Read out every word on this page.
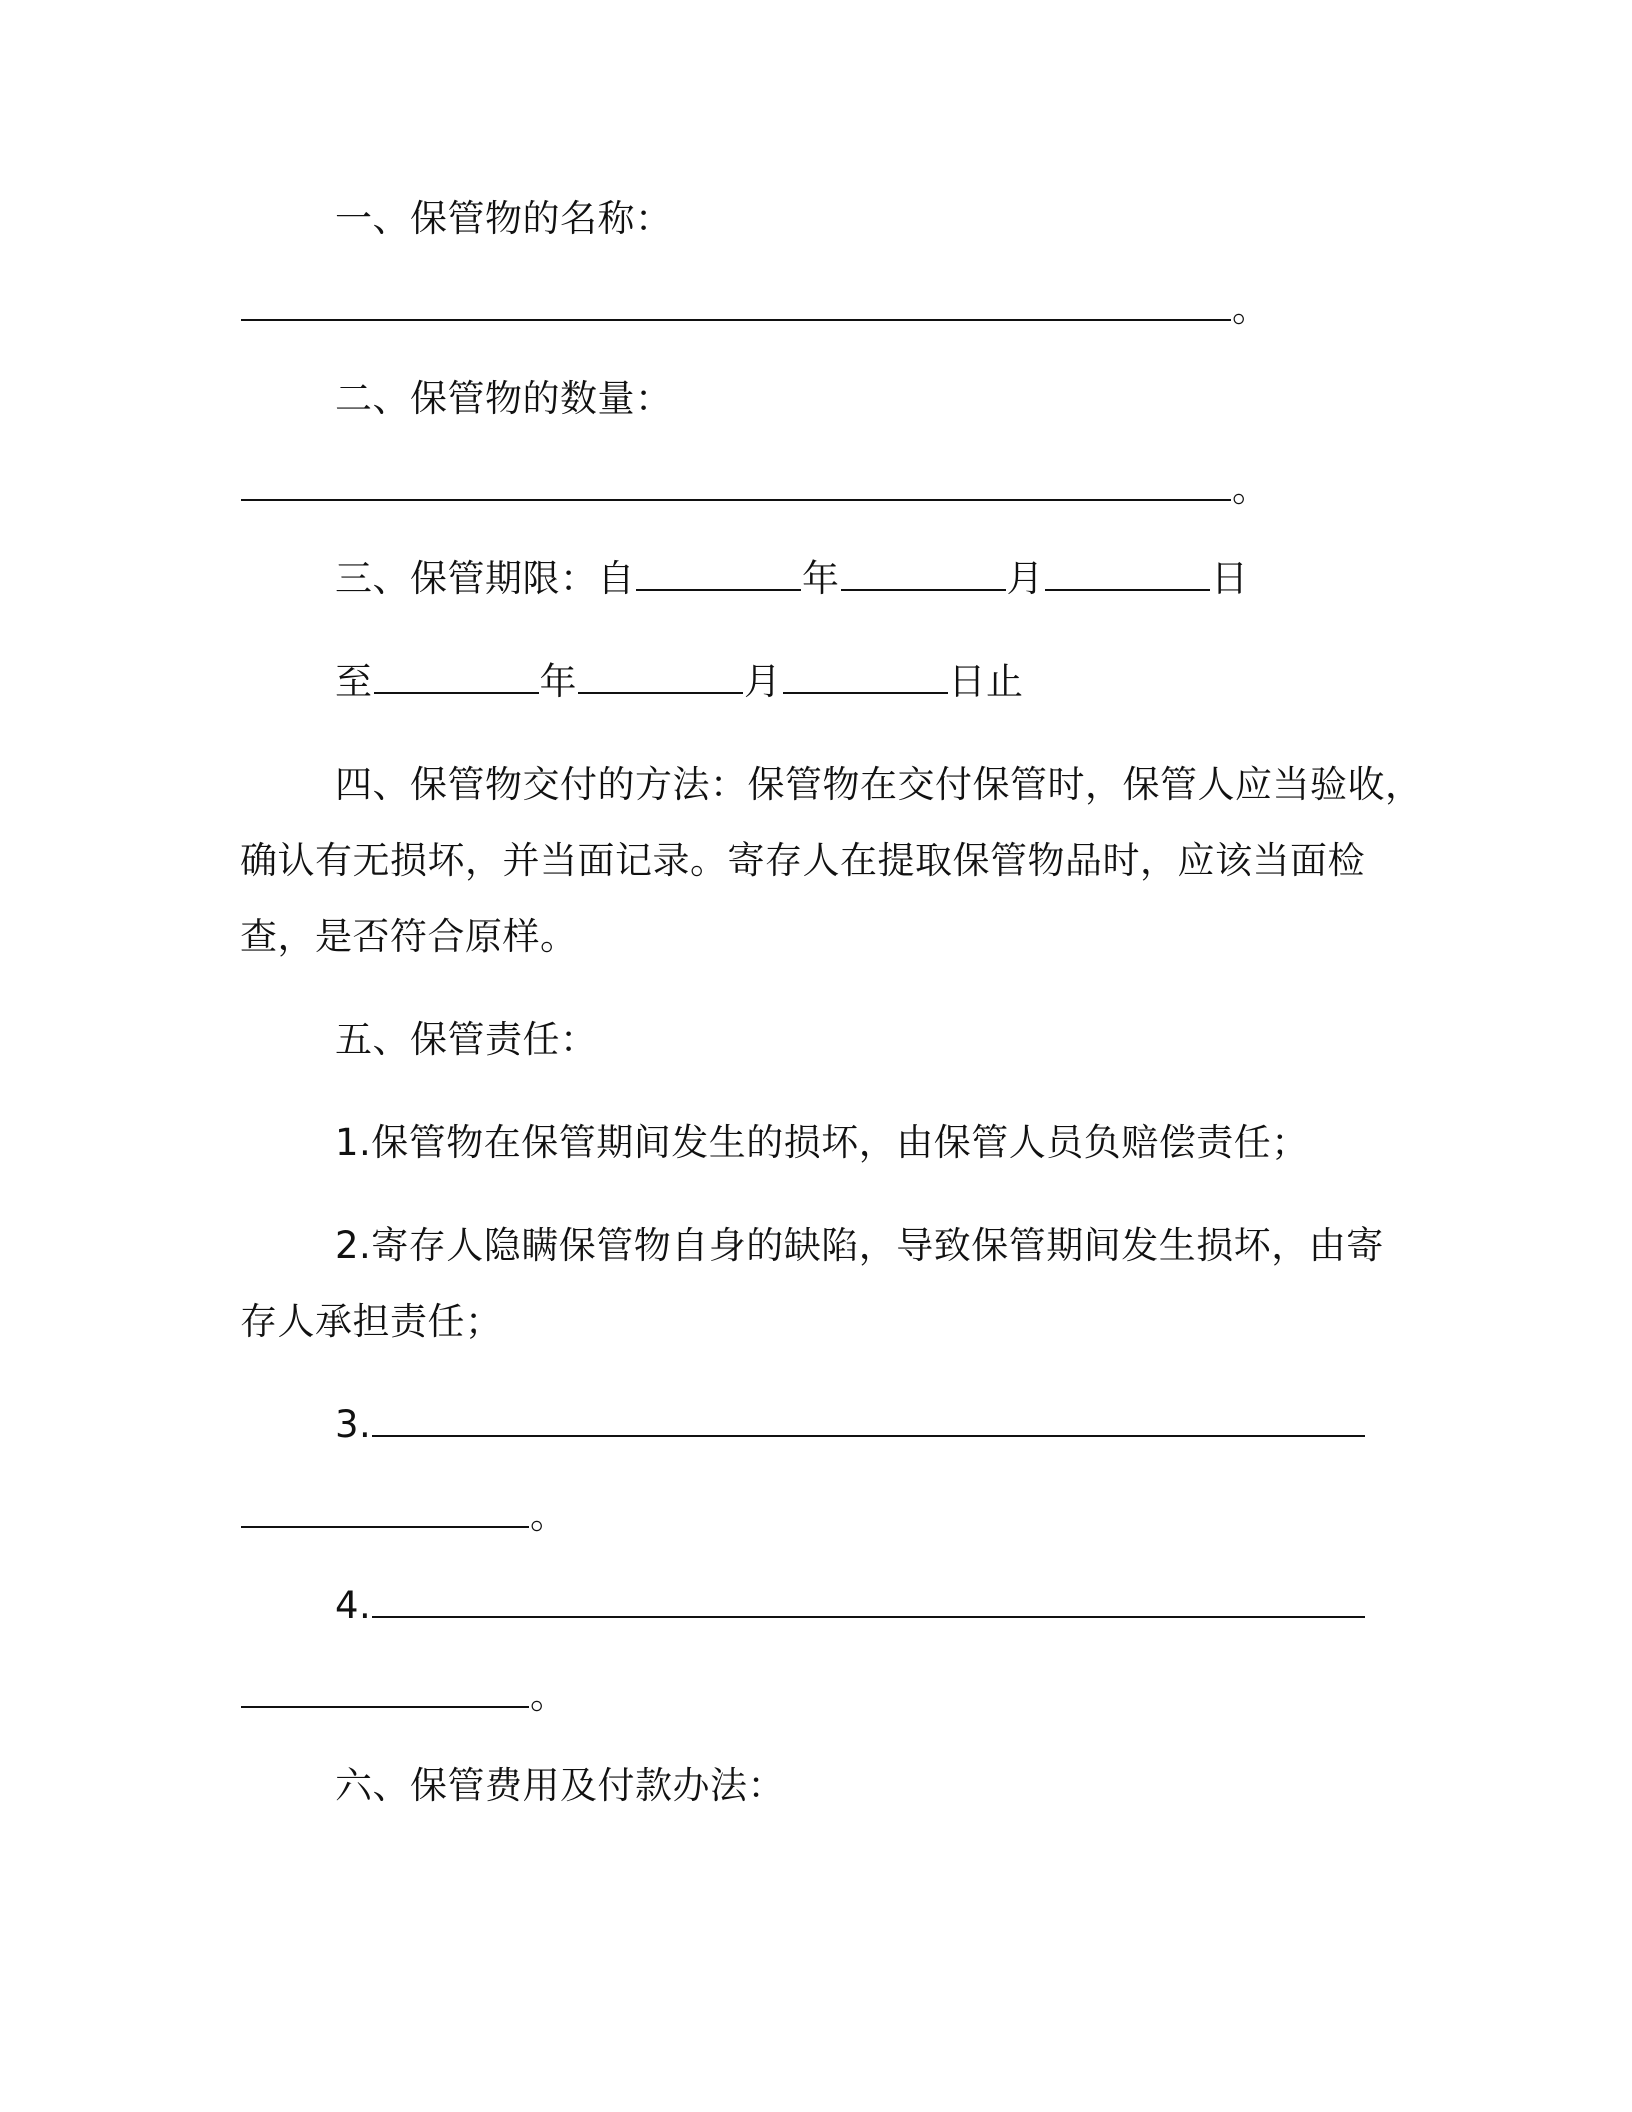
一、保管物的名称：
。
二、保管物的数量：
。
三、保管期限：自	年	月	日
至	年	月	日止
四、保管物交付的方法：保管物在交付保管时，保管人应当验收，
确认有无损坏，并当面记录。寄存人在提取保管物品时，应该当面检
查，是否符合原样。
五、保管责任：
1.保管物在保管期间发生的损坏，由保管人员负赔偿责任；
2.寄存人隐瞒保管物自身的缺陷，导致保管期间发生损坏，由寄
存人承担责任；
3.
。
4.
。
六、保管费用及付款办法：
